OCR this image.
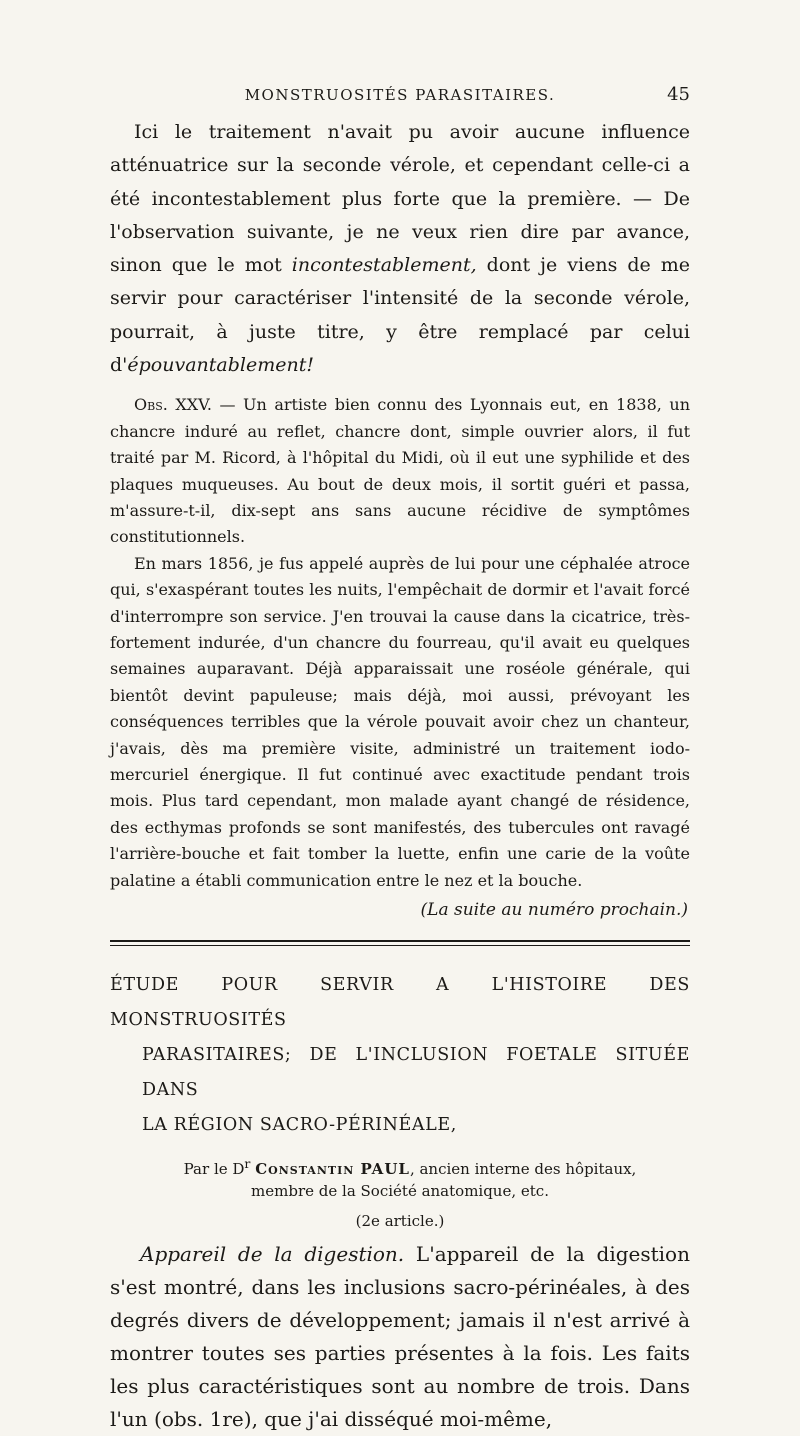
MONSTRUOSITÉS PARASITAIRES.	45

Ici le traitement n'avait pu avoir aucune influence atténuatrice sur la seconde vérole, et cependant celle-ci a été incontestablement plus forte que la première. — De l'observation suivante, je ne veux rien dire par avance, sinon que le mot incontestablement, dont je viens de me servir pour caractériser l'intensité de la seconde vérole, pourrait, à juste titre, y être remplacé par celui d'épouvantablement!

Obs. XXV. — Un artiste bien connu des Lyonnais eut, en 1838, un chancre induré au reflet, chancre dont, simple ouvrier alors, il fut traité par M. Ricord, à l'hôpital du Midi, où il eut une syphilide et des plaques muqueuses. Au bout de deux mois, il sortit guéri et passa, m'assure-t-il, dix-sept ans sans aucune récidive de symptômes constitutionnels.

En mars 1856, je fus appelé auprès de lui pour une céphalée atroce qui, s'exaspérant toutes les nuits, l'empêchait de dormir et l'avait forcé d'interrompre son service. J'en trouvai la cause dans la cicatrice, très-fortement indurée, d'un chancre du fourreau, qu'il avait eu quelques semaines auparavant. Déjà apparaissait une roséole générale, qui bientôt devint papuleuse; mais déjà, moi aussi, prévoyant les conséquences terribles que la vérole pouvait avoir chez un chanteur, j'avais, dès ma première visite, administré un traitement iodo-mercuriel énergique. Il fut continué avec exactitude pendant trois mois. Plus tard cependant, mon malade ayant changé de résidence, des ecthymas profonds se sont manifestés, des tubercules ont ravagé l'arrière-bouche et fait tomber la luette, enfin une carie de la voûte palatine a établi communication entre le nez et la bouche.

(La suite au numéro prochain.)
ÉTUDE POUR SERVIR A L'HISTOIRE DES MONSTRUOSITÉS
PARASITAIRES; DE L'INCLUSION FOETALE SITUÉE DANS
LA RÉGION SACRO-PÉRINÉALE,
Par le $D^r$ Constantin PAUL, ancien interne des hôpitaux,
membre de la Société anatomique, etc.
(2e article.)

Appareil de la digestion. L'appareil de la digestion s'est montré, dans les inclusions sacro-périnéales, à des degrés divers de développement; jamais il n'est arrivé à montrer toutes ses parties présentes à la fois. Les faits les plus caractéristiques sont au nombre de trois. Dans l'un (obs. 1re), que j'ai disséqué moi-même,
